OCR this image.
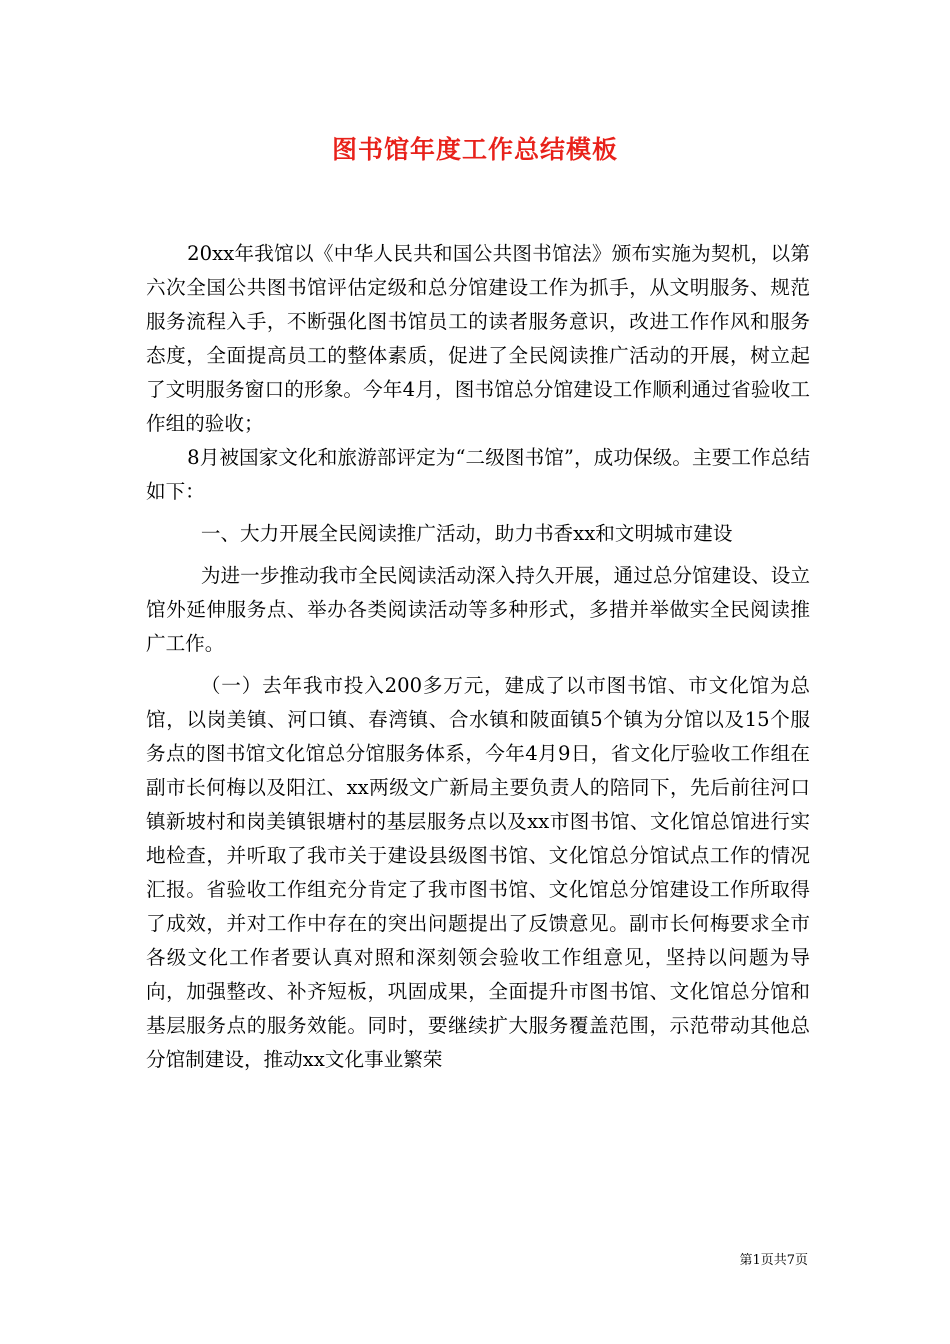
图书馆年度工作总结模板

20xx年我馆以《中华人民共和国公共图书馆法》颁布实施为契机，以第六次全国公共图书馆评估定级和总分馆建设工作为抓手，从文明服务、规范服务流程入手，不断强化图书馆员工的读者服务意识，改进工作作风和服务态度，全面提高员工的整体素质，促进了全民阅读推广活动的开展，树立起了文明服务窗口的形象。今年4月，图书馆总分馆建设工作顺利通过省验收工作组的验收；

8月被国家文化和旅游部评定为“二级图书馆”，成功保级。主要工作总结如下：

一、大力开展全民阅读推广活动，助力书香xx和文明城市建设

为进一步推动我市全民阅读活动深入持久开展，通过总分馆建设、设立馆外延伸服务点、举办各类阅读活动等多种形式，多措并举做实全民阅读推广工作。

（一）去年我市投入200多万元，建成了以市图书馆、市文化馆为总馆，以岗美镇、河口镇、春湾镇、合水镇和陂面镇5个镇为分馆以及15个服务点的图书馆文化馆总分馆服务体系，今年4月9日，省文化厅验收工作组在副市长何梅以及阳江、xx两级文广新局主要负责人的陪同下，先后前往河口镇新坡村和岗美镇银塘村的基层服务点以及xx市图书馆、文化馆总馆进行实地检查，并听取了我市关于建设县级图书馆、文化馆总分馆试点工作的情况汇报。省验收工作组充分肯定了我市图书馆、文化馆总分馆建设工作所取得了成效，并对工作中存在的突出问题提出了反馈意见。副市长何梅要求全市各级文化工作者要认真对照和深刻领会验收工作组意见，坚持以问题为导向，加强整改、补齐短板，巩固成果，全面提升市图书馆、文化馆总分馆和基层服务点的服务效能。同时，要继续扩大服务覆盖范围，示范带动其他总分馆制建设，推动xx文化事业繁荣

第1页共7页
